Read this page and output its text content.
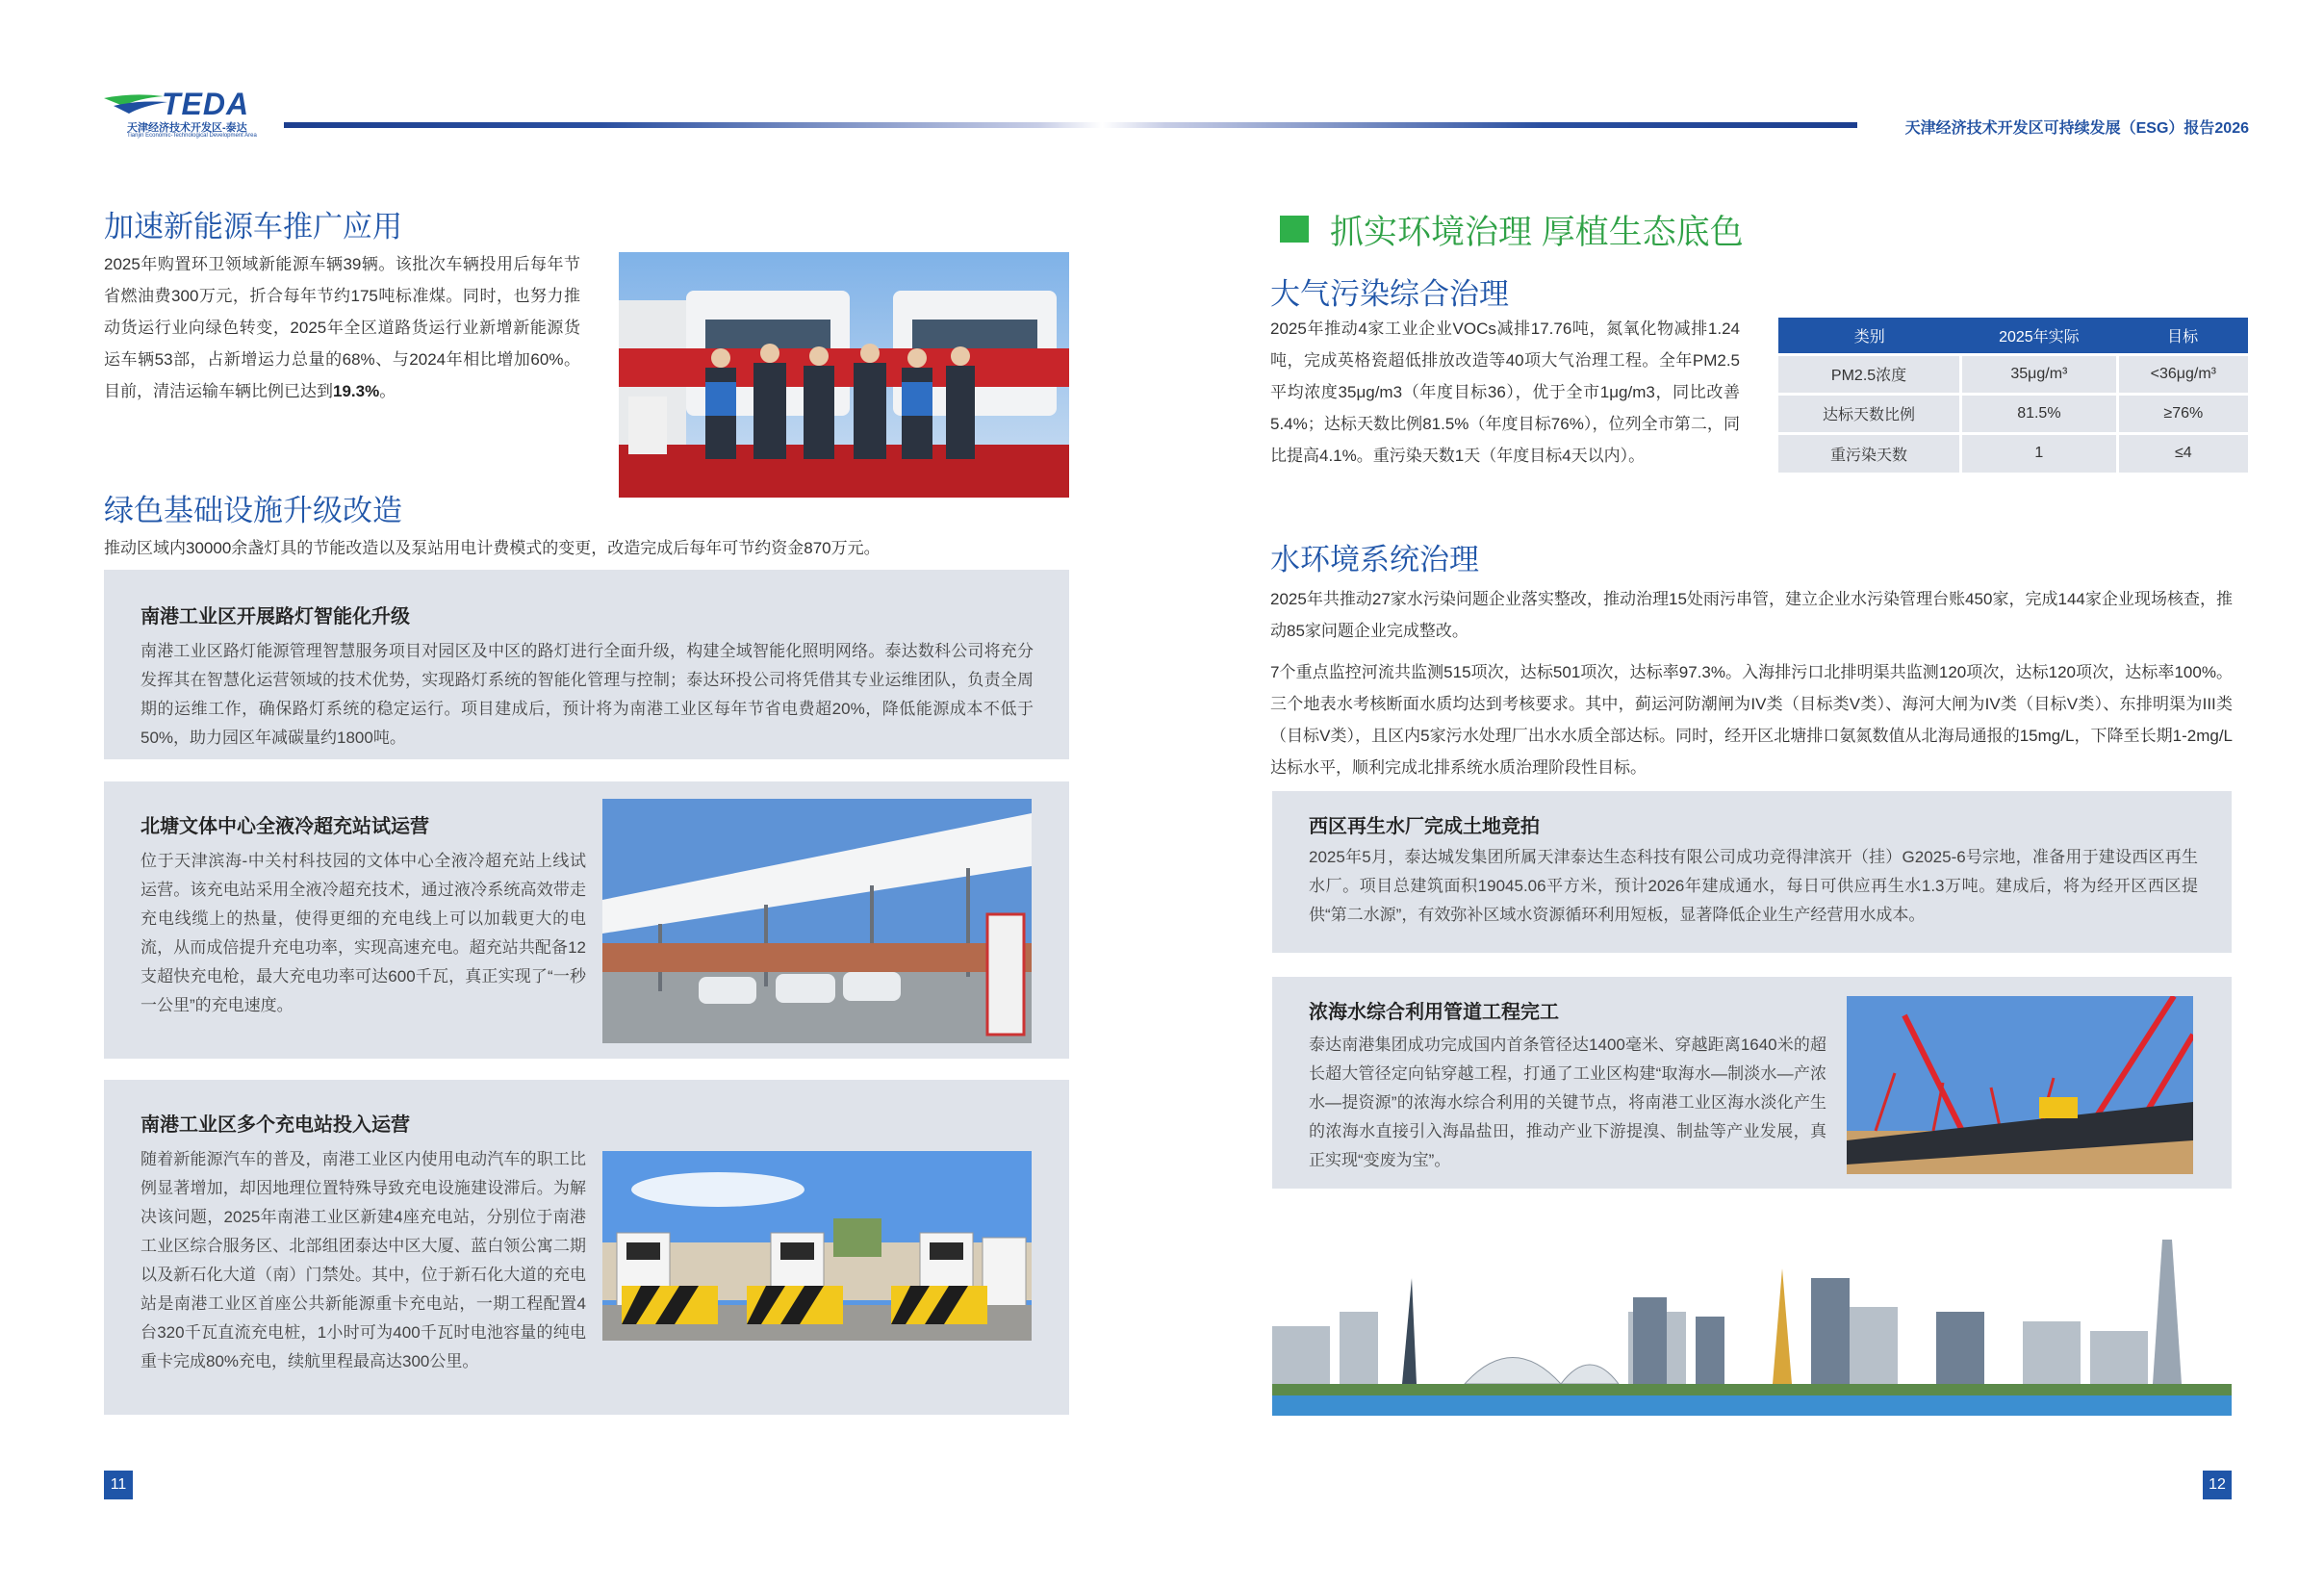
TEDA
天津经济技术开发区-泰达
Tianjin Economic-Technological Development Area	天津经济技术开发区可持续发展（ESG）报告2026
加速新能源车推广应用
2025年购置环卫领域新能源车辆39辆。该批次车辆投用后每年节省燃油费300万元，折合每年节约175吨标准煤。同时，也努力推动货运行业向绿色转变，2025年全区道路货运行业新增新能源货运车辆53部，占新增运力总量的68%、与2024年相比增加60%。目前，清洁运输车辆比例已达到19.3%。
绿色基础设施升级改造
推动区域内30000余盏灯具的节能改造以及泵站用电计费模式的变更，改造完成后每年可节约资金870万元。
南港工业区开展路灯智能化升级
南港工业区路灯能源管理智慧服务项目对园区及中区的路灯进行全面升级，构建全域智能化照明网络。泰达数科公司将充分发挥其在智慧化运营领域的技术优势，实现路灯系统的智能化管理与控制；泰达环投公司将凭借其专业运维团队，负责全周期的运维工作，确保路灯系统的稳定运行。项目建成后，预计将为南港工业区每年节省电费超20%，降低能源成本不低于50%，助力园区年减碳量约1800吨。
北塘文体中心全液冷超充站试运营
位于天津滨海-中关村科技园的文体中心全液冷超充站上线试运营。该充电站采用全液冷超充技术，通过液冷系统高效带走充电线缆上的热量，使得更细的充电线上可以加载更大的电流，从而成倍提升充电功率，实现高速充电。超充站共配备12支超快充电枪，最大充电功率可达600千瓦，真正实现了“一秒一公里”的充电速度。
南港工业区多个充电站投入运营
随着新能源汽车的普及，南港工业区内使用电动汽车的职工比例显著增加，却因地理位置特殊导致充电设施建设滞后。为解决该问题，2025年南港工业区新建4座充电站，分别位于南港工业区综合服务区、北部组团泰达中区大厦、蓝白领公寓二期以及新石化大道（南）门禁处。其中，位于新石化大道的充电站是南港工业区首座公共新能源重卡充电站，一期工程配置4台320千瓦直流充电桩，1小时可为400千瓦时电池容量的纯电重卡完成80%充电，续航里程最高达300公里。
11
抓实环境治理 厚植生态底色
大气污染综合治理
2025年推动4家工业企业VOCs减排17.76吨，氮氧化物减排1.24吨，完成英格瓷超低排放改造等40项大气治理工程。全年PM2.5平均浓度35μg/m3（年度目标36），优于全市1μg/m3，同比改善5.4%；达标天数比例81.5%（年度目标76%），位列全市第二，同比提高4.1%。重污染天数1天（年度目标4天以内）。
类别	2025年实际	目标
PM2.5浓度	35μg/m³	<36μg/m³
达标天数比例	81.5%	≥76%
重污染天数	1	≤4
水环境系统治理
2025年共推动27家水污染问题企业落实整改，推动治理15处雨污串管，建立企业水污染管理台账450家，完成144家企业现场核查，推动85家问题企业完成整改。
7个重点监控河流共监测515项次，达标501项次，达标率97.3%。入海排污口北排明渠共监测120项次，达标120项次，达标率100%。三个地表水考核断面水质均达到考核要求。其中，蓟运河防潮闸为IV类（目标类V类）、海河大闸为IV类（目标V类）、东排明渠为III类（目标V类），且区内5家污水处理厂出水水质全部达标。同时，经开区北塘排口氨氮数值从北海局通报的15mg/L，下降至长期1-2mg/L达标水平，顺利完成北排系统水质治理阶段性目标。
西区再生水厂完成土地竞拍
2025年5月，泰达城发集团所属天津泰达生态科技有限公司成功竞得津滨开（挂）G2025-6号宗地，准备用于建设西区再生水厂。项目总建筑面积19045.06平方米，预计2026年建成通水，每日可供应再生水1.3万吨。建成后，将为经开区西区提供“第二水源”，有效弥补区域水资源循环利用短板，显著降低企业生产经营用水成本。
浓海水综合利用管道工程完工
泰达南港集团成功完成国内首条管径达1400毫米、穿越距离1640米的超长超大管径定向钻穿越工程，打通了工业区构建“取海水—制淡水—产浓水—提资源”的浓海水综合利用的关键节点，将南港工业区海水淡化产生的浓海水直接引入海晶盐田，推动产业下游提溴、制盐等产业发展，真正实现“变废为宝”。
12
